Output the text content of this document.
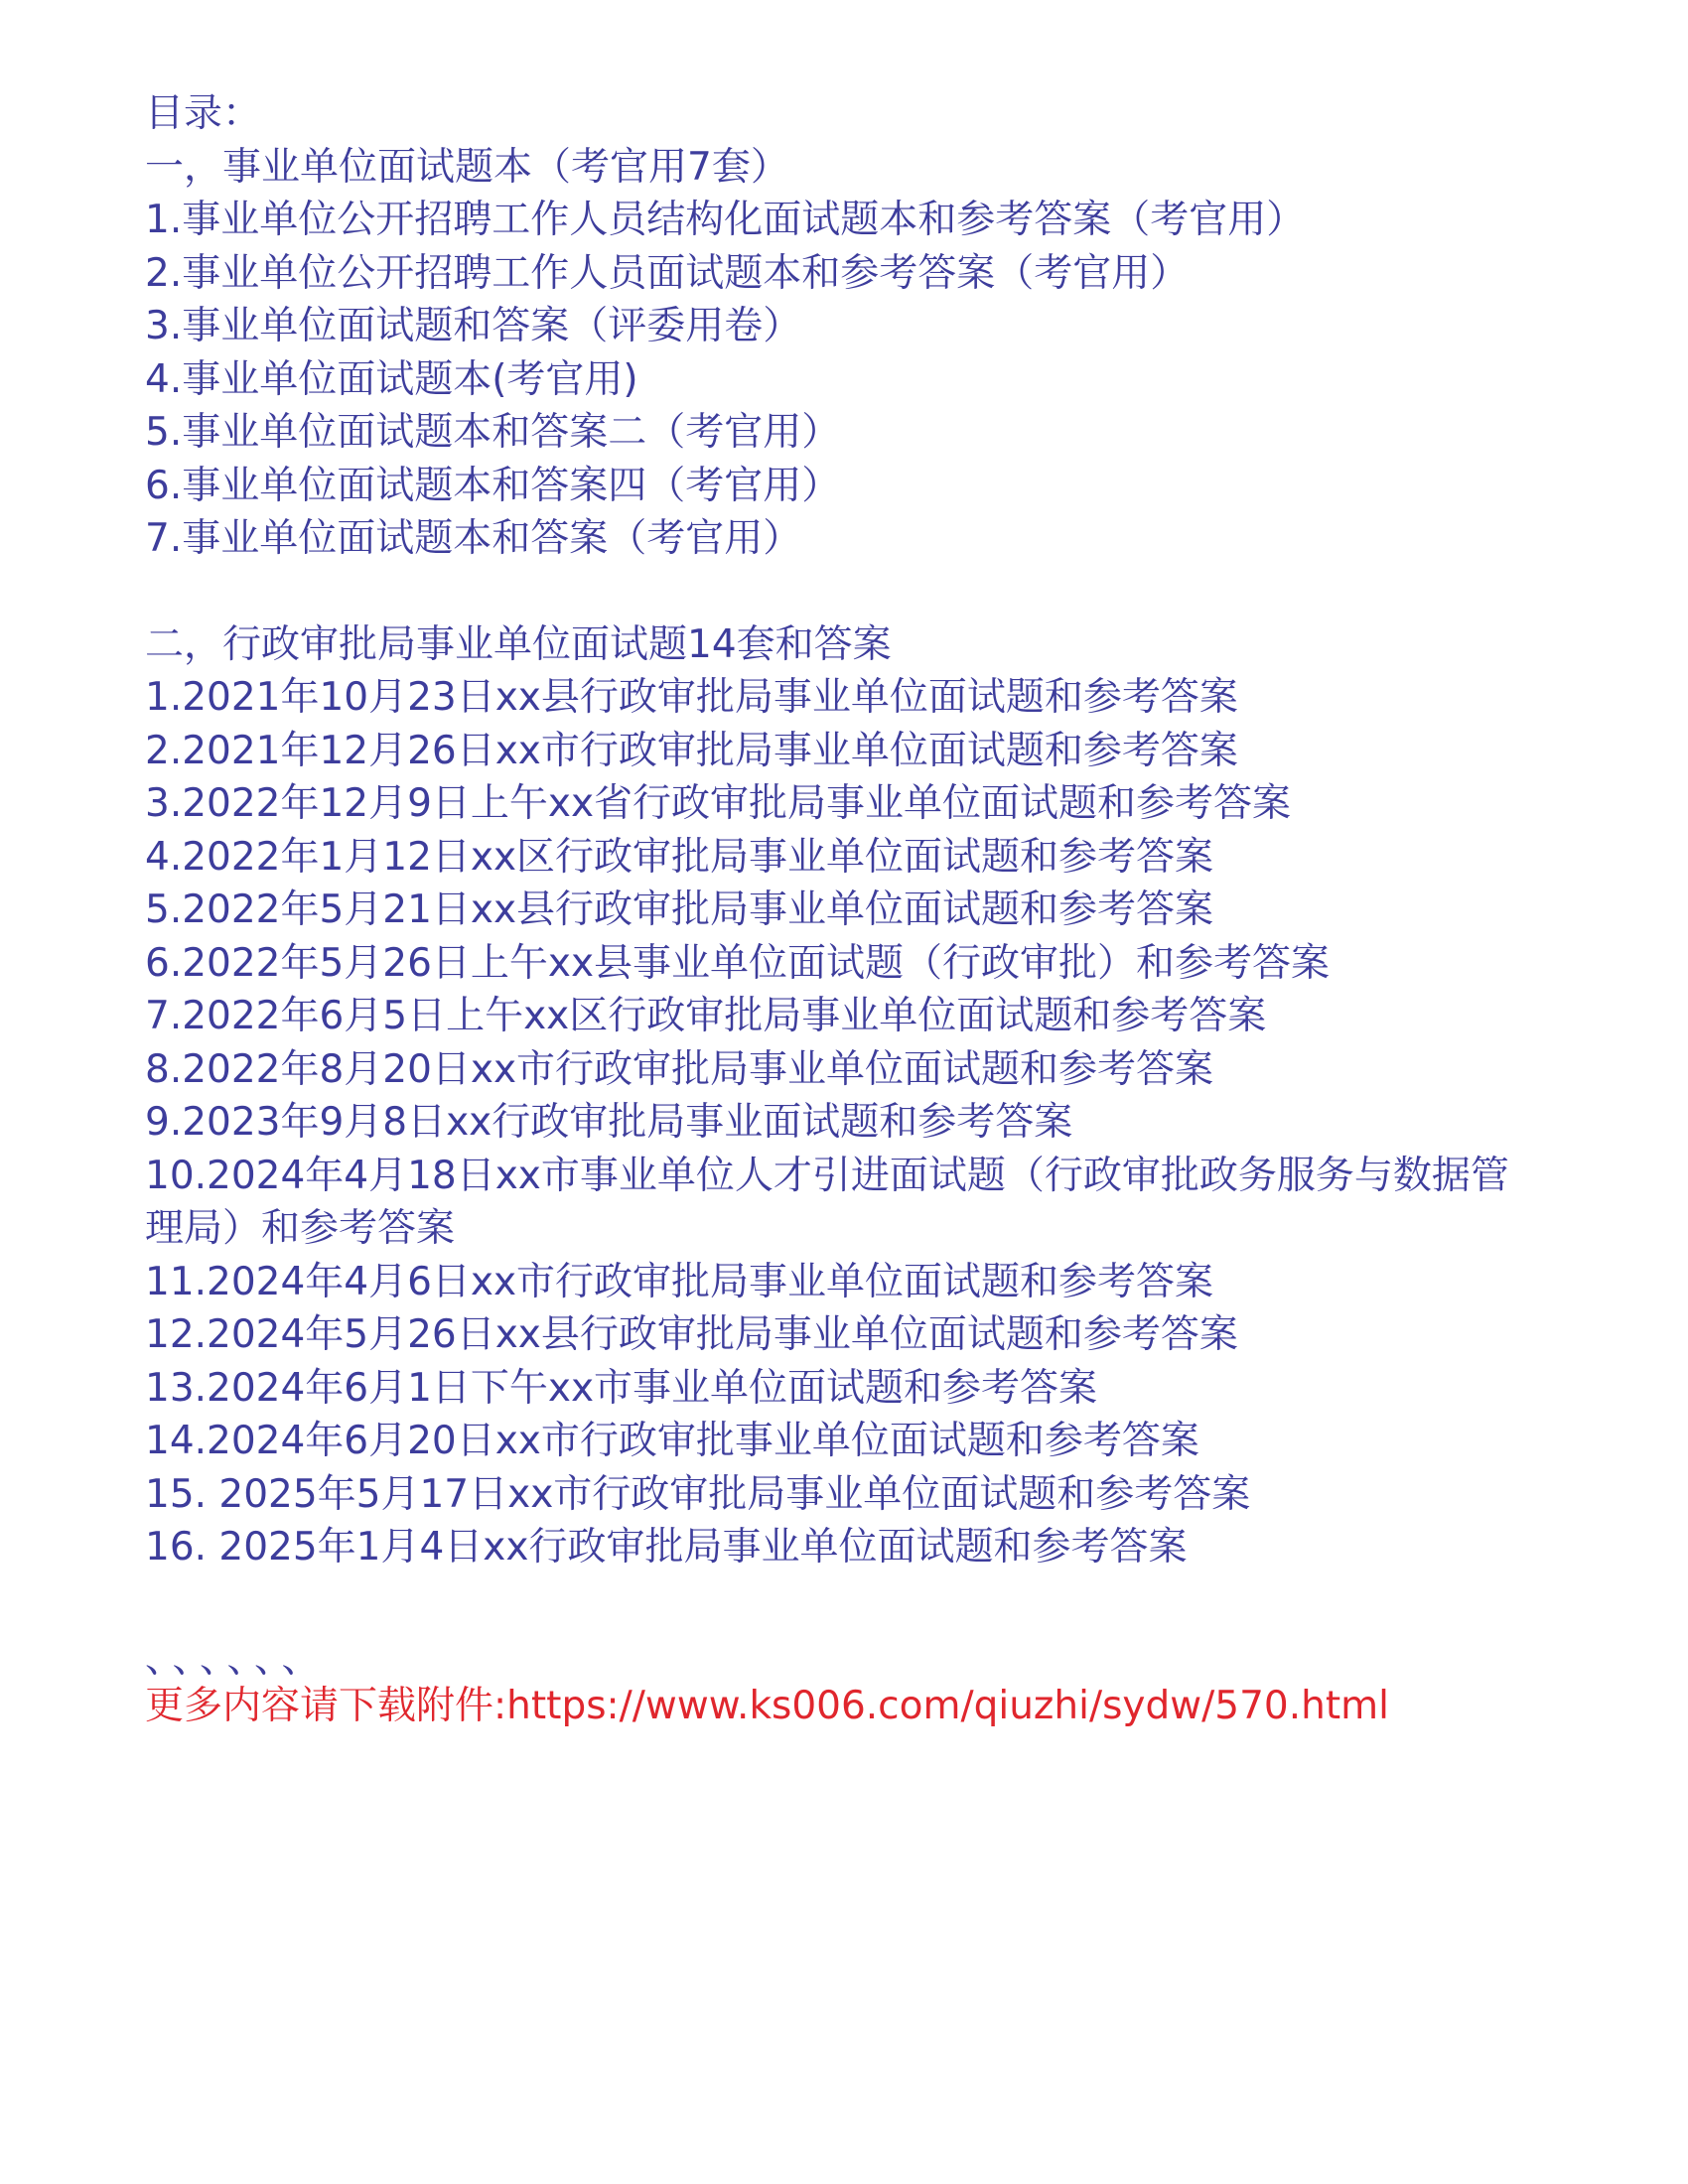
目录：
一，事业单位面试题本（考官用7套）
1.事业单位公开招聘工作人员结构化面试题本和参考答案（考官用）
2.事业单位公开招聘工作人员面试题本和参考答案（考官用）
3.事业单位面试题和答案（评委用卷）
4.事业单位面试题本(考官用)
5.事业单位面试题本和答案二（考官用）
6.事业单位面试题本和答案四（考官用）
7.事业单位面试题本和答案（考官用）
二，行政审批局事业单位面试题14套和答案
1.2021年10月23日xx县行政审批局事业单位面试题和参考答案
2.2021年12月26日xx市行政审批局事业单位面试题和参考答案
3.2022年12月9日上午xx省行政审批局事业单位面试题和参考答案
4.2022年1月12日xx区行政审批局事业单位面试题和参考答案
5.2022年5月21日xx县行政审批局事业单位面试题和参考答案
6.2022年5月26日上午xx县事业单位面试题（行政审批）和参考答案
7.2022年6月5日上午xx区行政审批局事业单位面试题和参考答案
8.2022年8月20日xx市行政审批局事业单位面试题和参考答案
9.2023年9月8日xx行政审批局事业面试题和参考答案
10.2024年4月18日xx市事业单位人才引进面试题（行政审批政务服务与数据管理局）和参考答案
11.2024年4月6日xx市行政审批局事业单位面试题和参考答案
12.2024年5月26日xx县行政审批局事业单位面试题和参考答案
13.2024年6月1日下午xx市事业单位面试题和参考答案
14.2024年6月20日xx市行政审批事业单位面试题和参考答案
15. 2025年5月17日xx市行政审批局事业单位面试题和参考答案
16. 2025年1月4日xx行政审批局事业单位面试题和参考答案
、、、、、、
更多内容请下载附件:https://www.ks006.com/qiuzhi/sydw/570.html
